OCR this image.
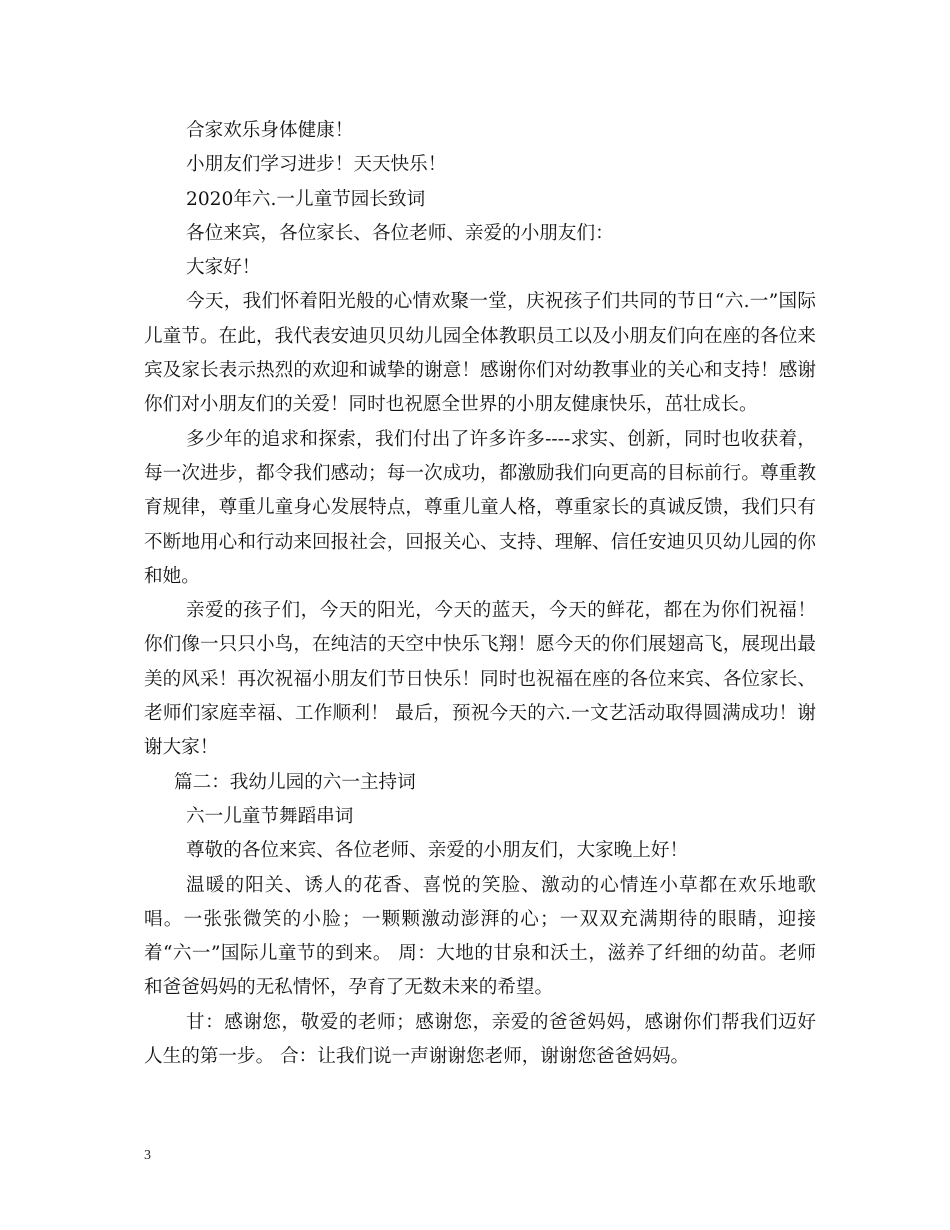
合家欢乐身体健康！

小朋友们学习进步！天天快乐！

2020年六.一儿童节园长致词

各位来宾，各位家长、各位老师、亲爱的小朋友们：

大家好！

今天，我们怀着阳光般的心情欢聚一堂，庆祝孩子们共同的节日“六.一”国际儿童节。在此，我代表安迪贝贝幼儿园全体教职员工以及小朋友们向在座的各位来宾及家长表示热烈的欢迎和诚挚的谢意！感谢你们对幼教事业的关心和支持！感谢你们对小朋友们的关爱！同时也祝愿全世界的小朋友健康快乐，茁壮成长。

多少年的追求和探索，我们付出了许多许多----求实、创新，同时也收获着，每一次进步，都令我们感动；每一次成功，都激励我们向更高的目标前行。尊重教育规律，尊重儿童身心发展特点，尊重儿童人格，尊重家长的真诚反馈，我们只有不断地用心和行动来回报社会，回报关心、支持、理解、信任安迪贝贝幼儿园的你和她。

亲爱的孩子们，今天的阳光，今天的蓝天，今天的鲜花，都在为你们祝福！你们像一只只小鸟，在纯洁的天空中快乐飞翔！愿今天的你们展翅高飞，展现出最美的风采！再次祝福小朋友们节日快乐！同时也祝福在座的各位来宾、各位家长、老师们家庭幸福、工作顺利！ 最后，预祝今天的六.一文艺活动取得圆满成功！谢谢大家！

篇二：我幼儿园的六一主持词

六一儿童节舞蹈串词

尊敬的各位来宾、各位老师、亲爱的小朋友们，大家晚上好！

温暖的阳关、诱人的花香、喜悦的笑脸、激动的心情连小草都在欢乐地歌唱。一张张微笑的小脸；一颗颗激动澎湃的心；一双双充满期待的眼睛，迎接着“六一”国际儿童节的到来。 周：大地的甘泉和沃土，滋养了纤细的幼苗。老师和爸爸妈妈的无私情怀，孕育了无数未来的希望。

甘：感谢您，敬爱的老师；感谢您，亲爱的爸爸妈妈，感谢你们帮我们迈好人生的第一步。 合：让我们说一声谢谢您老师，谢谢您爸爸妈妈。

3
